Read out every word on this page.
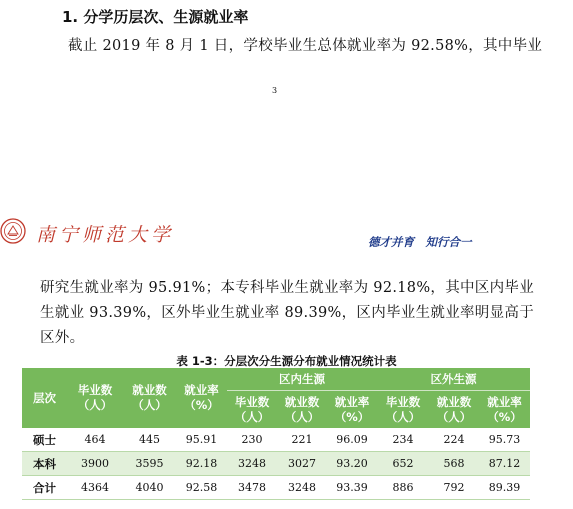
1. 分学历层次、生源就业率
截止 2019 年 8 月 1 日，学校毕业生总体就业率为 92.58%，其中毕业
3
南宁师范大学	德才并育　知行合一
研究生就业率为 95.91%；本专科毕业生就业率为 92.18%，其中区内毕业
生就业 93.39%，区外毕业生就业率 89.39%，区内毕业生就业率明显高于
区外。
表 1-3：分层次分生源分布就业情况统计表
层次	毕业数（人）	就业数（人）	就业率（%）	区内生源			区外生源		
				毕业数（人）	就业数（人）	就业率（%）	毕业数（人）	就业数（人）	就业率（%）
硕士	464	445	95.91	230	221	96.09	234	224	95.73
本科	3900	3595	92.18	3248	3027	93.20	652	568	87.12
合计	4364	4040	92.58	3478	3248	93.39	886	792	89.39
